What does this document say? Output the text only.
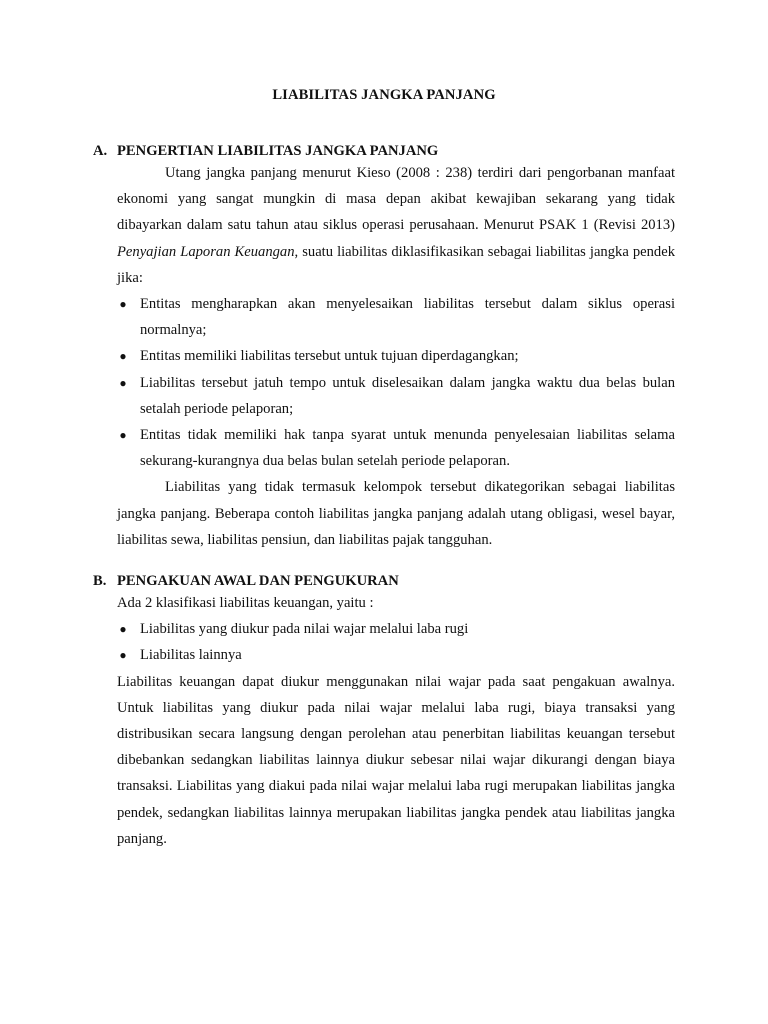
LIABILITAS JANGKA PANJANG
A. PENGERTIAN LIABILITAS JANGKA PANJANG

Utang jangka panjang menurut Kieso (2008 : 238) terdiri dari pengorbanan manfaat ekonomi yang sangat mungkin di masa depan akibat kewajiban sekarang yang tidak dibayarkan dalam satu tahun atau siklus operasi perusahaan. Menurut PSAK 1 (Revisi 2013) Penyajian Laporan Keuangan, suatu liabilitas diklasifikasikan sebagai liabilitas jangka pendek jika:

● Entitas mengharapkan akan menyelesaikan liabilitas tersebut dalam siklus operasi normalnya;
● Entitas memiliki liabilitas tersebut untuk tujuan diperdagangkan;
● Liabilitas tersebut jatuh tempo untuk diselesaikan dalam jangka waktu dua belas bulan setalah periode pelaporan;
● Entitas tidak memiliki hak tanpa syarat untuk menunda penyelesaian liabilitas selama sekurang-kurangnya dua belas bulan setelah periode pelaporan.

Liabilitas yang tidak termasuk kelompok tersebut dikategorikan sebagai liabilitas jangka panjang. Beberapa contoh liabilitas jangka panjang adalah utang obligasi, wesel bayar, liabilitas sewa, liabilitas pensiun, dan liabilitas pajak tangguhan.

B. PENGAKUAN AWAL DAN PENGUKURAN

Ada 2 klasifikasi liabilitas keuangan, yaitu :

● Liabilitas yang diukur pada nilai wajar melalui laba rugi
● Liabilitas lainnya

Liabilitas keuangan dapat diukur menggunakan nilai wajar pada saat pengakuan awalnya. Untuk liabilitas yang diukur pada nilai wajar melalui laba rugi, biaya transaksi yang distribusikan secara langsung dengan perolehan atau penerbitan liabilitas keuangan tersebut dibebankan sedangkan liabilitas lainnya diukur sebesar nilai wajar dikurangi dengan biaya transaksi. Liabilitas yang diakui pada nilai wajar melalui laba rugi merupakan liabilitas jangka pendek, sedangkan liabilitas lainnya merupakan liabilitas jangka pendek atau liabilitas jangka panjang.
